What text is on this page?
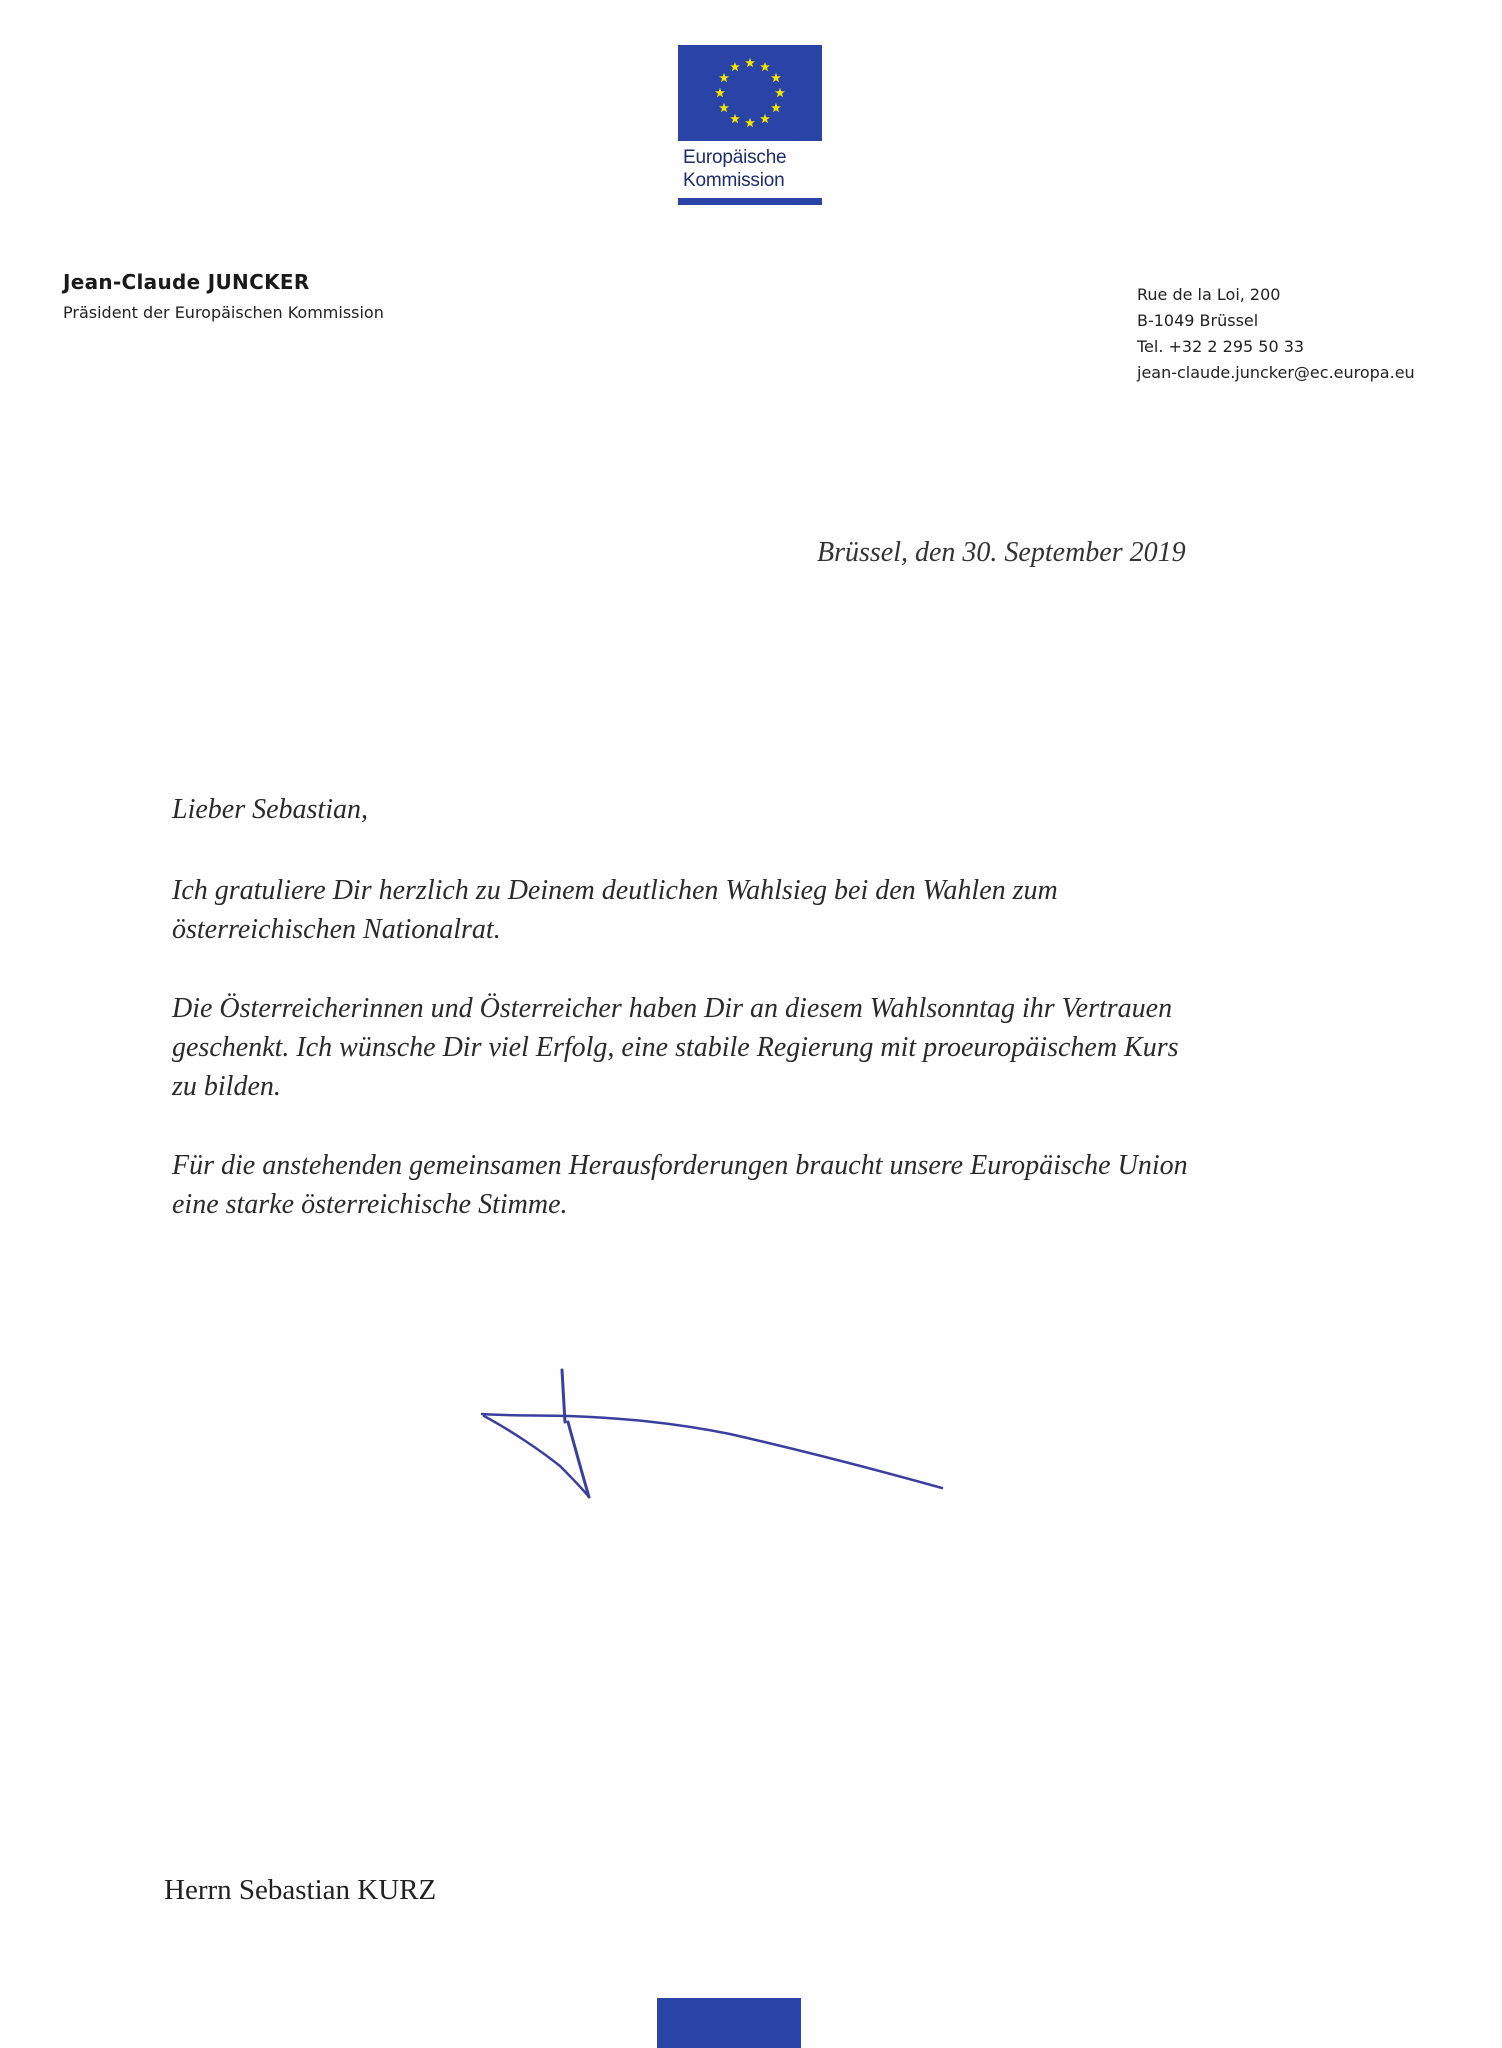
Europäische
Kommission
Jean-Claude JUNCKER
Präsident der Europäischen Kommission
Rue de la Loi, 200
B-1049 Brüssel
Tel. +32 2 295 50 33
jean-claude.juncker@ec.europa.eu
Brüssel, den 30. September 2019

Lieber Sebastian,

Ich gratuliere Dir herzlich zu Deinem deutlichen Wahlsieg bei den Wahlen zum

österreichischen Nationalrat.

Die Österreicherinnen und Österreicher haben Dir an diesem Wahlsonntag ihr Vertrauen

geschenkt. Ich wünsche Dir viel Erfolg, eine stabile Regierung mit proeuropäischem Kurs

zu bilden.

Für die anstehenden gemeinsamen Herausforderungen braucht unsere Europäische Union

eine starke österreichische Stimme.

Herrn Sebastian KURZ
